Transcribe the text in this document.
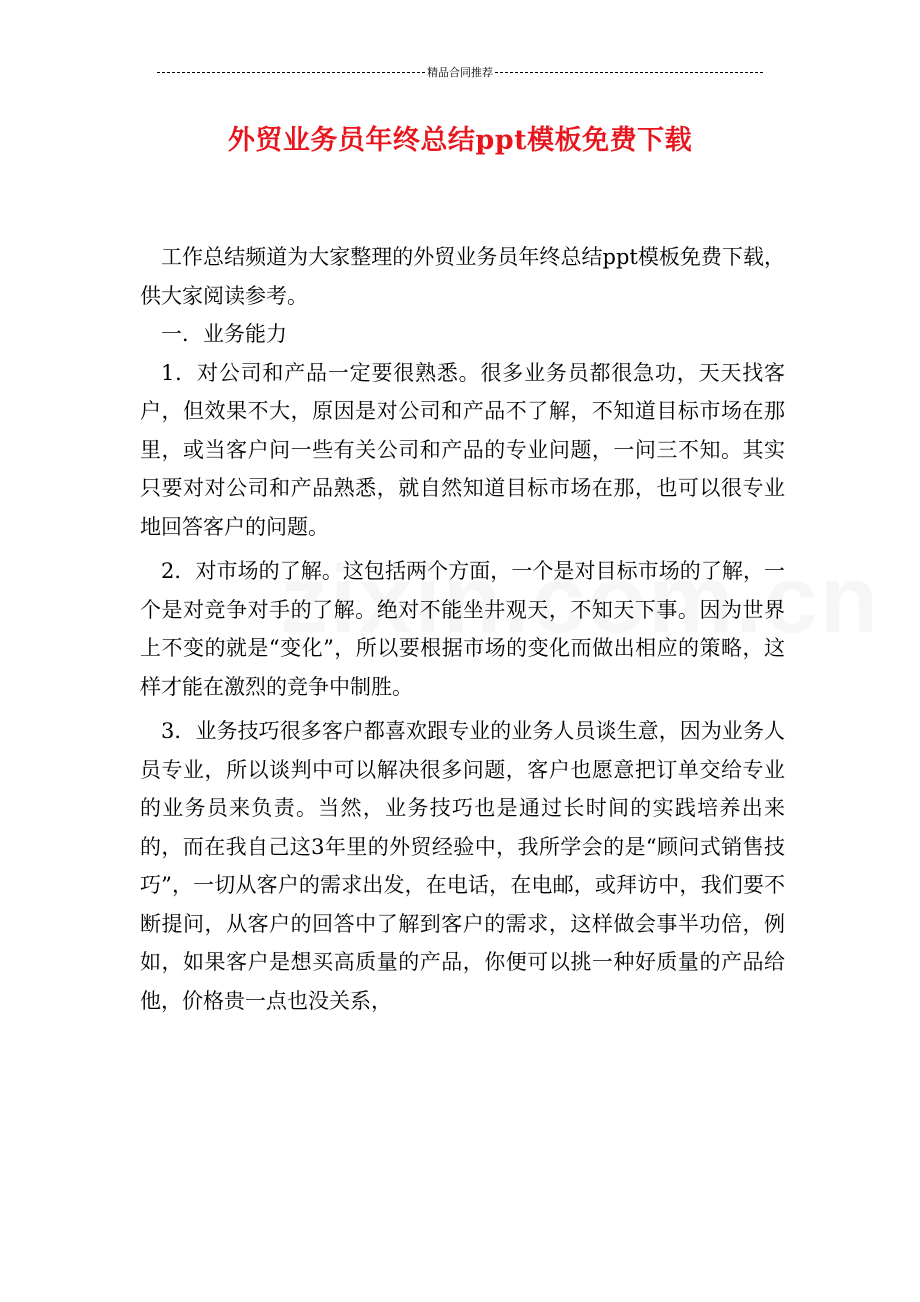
精品合同推荐
外贸业务员年终总结ppt模板免费下载

工作总结频道为大家整理的外贸业务员年终总结ppt模板免费下载，供大家阅读参考。

一．业务能力

1．对公司和产品一定要很熟悉。很多业务员都很急功，天天找客户，但效果不大，原因是对公司和产品不了解，不知道目标市场在那里，或当客户问一些有关公司和产品的专业问题，一问三不知。其实只要对对公司和产品熟悉，就自然知道目标市场在那，也可以很专业地回答客户的问题。

2．对市场的了解。这包括两个方面，一个是对目标市场的了解，一个是对竞争对手的了解。绝对不能坐井观天，不知天下事。因为世界上不变的就是“变化”，所以要根据市场的变化而做出相应的策略，这样才能在激烈的竞争中制胜。

3．业务技巧很多客户都喜欢跟专业的业务人员谈生意，因为业务人员专业，所以谈判中可以解决很多问题，客户也愿意把订单交给专业的业务员来负责。当然，业务技巧也是通过长时间的实践培养出来的，而在我自己这3年里的外贸经验中，我所学会的是“顾问式销售技巧”，一切从客户的需求出发，在电话，在电邮，或拜访中，我们要不断提问，从客户的回答中了解到客户的需求，这样做会事半功倍，例如，如果客户是想买高质量的产品，你便可以挑一种好质量的产品给他，价格贵一点也没关系，
